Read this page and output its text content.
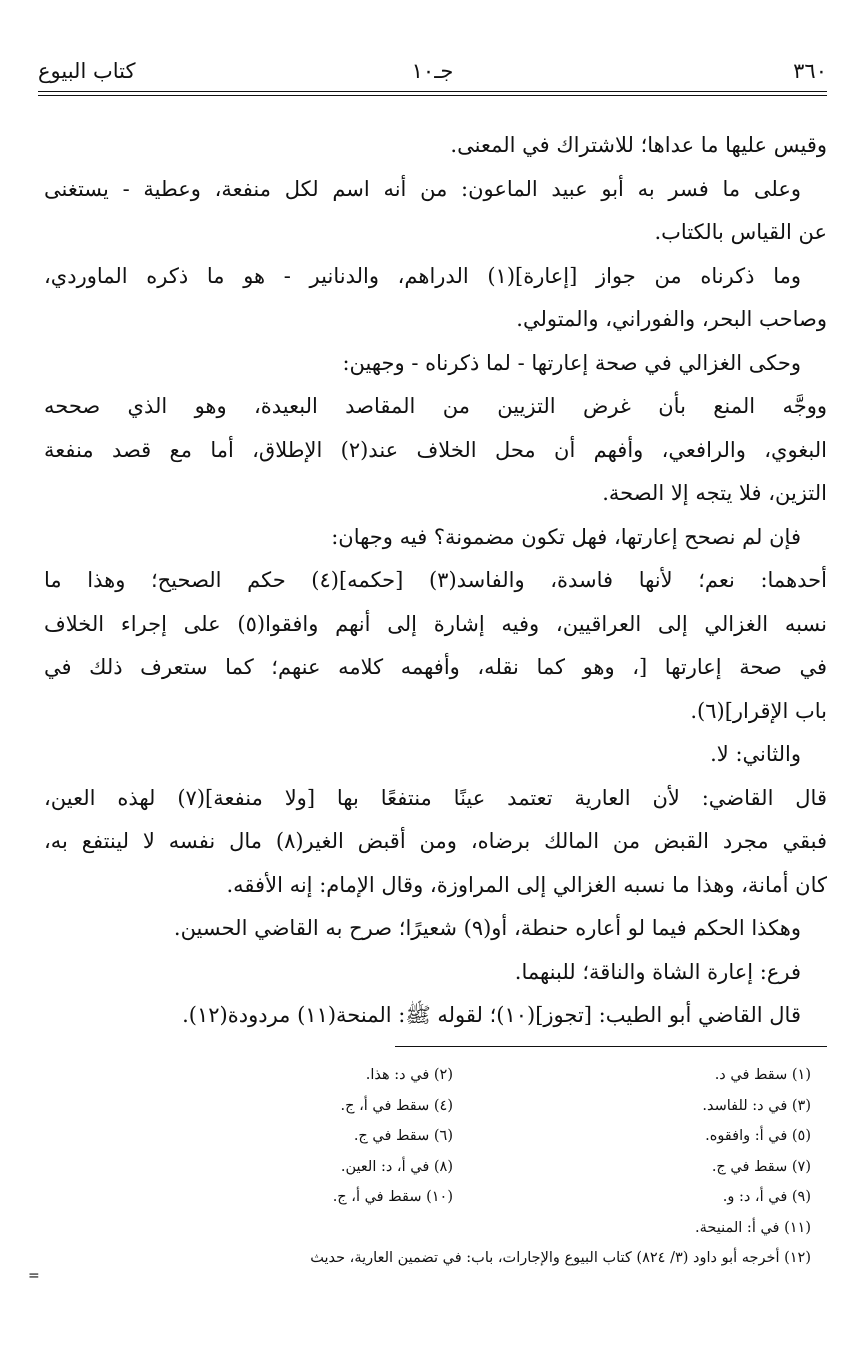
٣٦٠
جـ١٠
كتاب البيوع
وقيس عليها ما عداها؛ للاشتراك في المعنى.
وعلى ما فسر به أبو عبيد الماعون: من أنه اسم لكل منفعة، وعطية - يستغنى
عن القياس بالكتاب.
وما ذكرناه من جواز [إعارة](١) الدراهم، والدنانير - هو ما ذكره الماوردي،
وصاحب البحر، والفوراني، والمتولي.
وحكى الغزالي في صحة إعارتها - لما ذكرناه - وجهين:
ووجَّه المنع بأن غرض التزيين من المقاصد البعيدة، وهو الذي صححه
البغوي، والرافعي، وأفهم أن محل الخلاف عند(٢) الإطلاق، أما مع قصد منفعة
التزين، فلا يتجه إلا الصحة.
فإن لم نصحح إعارتها، فهل تكون مضمونة؟ فيه وجهان:
أحدهما: نعم؛ لأنها فاسدة، والفاسد(٣) [حكمه](٤) حكم الصحيح؛ وهذا ما
نسبه الغزالي إلى العراقيين، وفيه إشارة إلى أنهم وافقوا(٥) على إجراء الخلاف
في صحة إعارتها [، وهو كما نقله، وأفهمه كلامه عنهم؛ كما ستعرف ذلك في
باب الإقرار](٦).
والثاني: لا.
قال القاضي: لأن العارية تعتمد عينًا منتفعًا بها [ولا منفعة](٧) لهذه العين،
فبقي مجرد القبض من المالك برضاه، ومن أقبض الغير(٨) مال نفسه لا لينتفع به،
كان أمانة، وهذا ما نسبه الغزالي إلى المراوزة، وقال الإمام: إنه الأفقه.
وهكذا الحكم فيما لو أعاره حنطة، أو(٩) شعيرًا؛ صرح به القاضي الحسين.
فرع: إعارة الشاة والناقة؛ للبنهما.
قال القاضي أبو الطيب: [تجوز](١٠)؛ لقوله ﷺ: المنحة(١١) مردودة(١٢).
(١) سقط في د.
(٢) في د: هذا.
(٣) في د: للفاسد.
(٤) سقط في أ، ج.
(٥) في أ: وافقوه.
(٦) سقط في ج.
(٧) سقط في ج.
(٨) في أ، د: العين.
(٩) في أ، د: و.
(١٠) سقط في أ، ج.
(١١) في أ: المنيحة.
(١٢) أخرجه أبو داود (٣/ ٨٢٤) كتاب البيوع والإجارات، باب: في تضمين العارية، حديث
=
